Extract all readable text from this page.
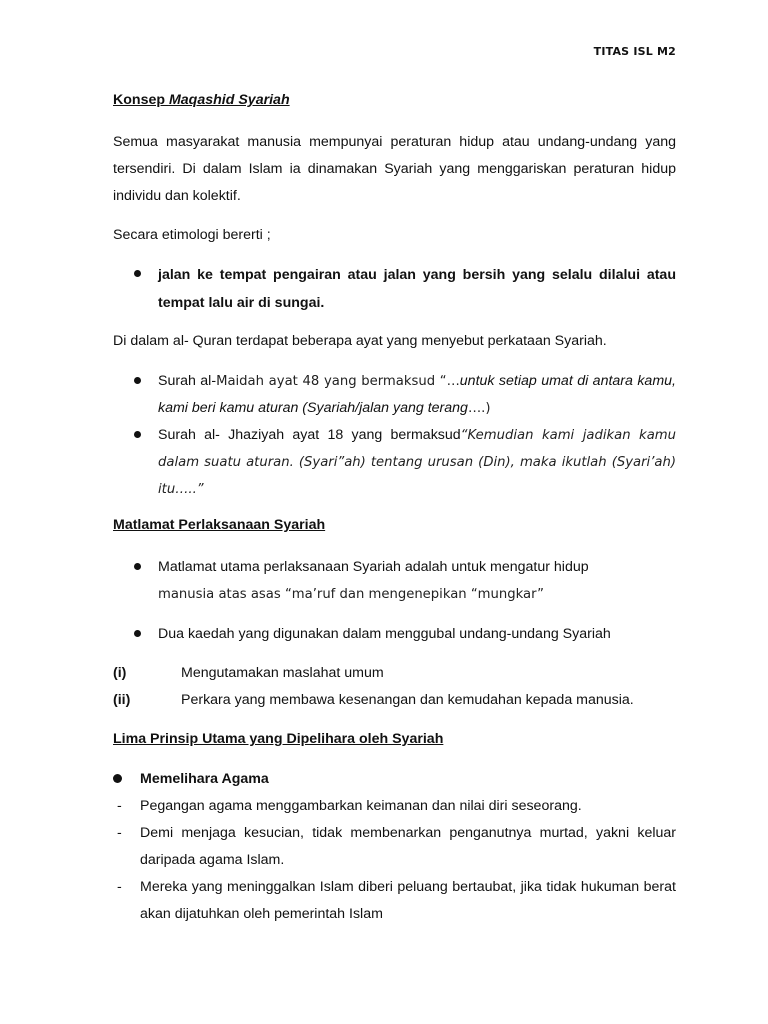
TITAS ISL M2
Konsep Maqashid Syariah
Semua masyarakat manusia mempunyai peraturan hidup atau undang-undang yang tersendiri. Di dalam Islam ia dinamakan Syariah yang menggariskan peraturan hidup individu dan kolektif.
Secara etimologi bererti ;
jalan ke tempat pengairan atau jalan yang bersih yang selalu dilalui atau tempat lalu air di sungai.
Di dalam al- Quran terdapat beberapa ayat yang menyebut perkataan Syariah.
Surah al-Maidah ayat 48 yang bermaksud “…untuk setiap umat di antara kamu, kami beri kamu aturan (Syariah/jalan yang terang….)
Surah al- Jhaziyah ayat 18 yang bermaksud“Kemudian kami jadikan kamu dalam suatu aturan. (Syari”ah) tentang urusan (Din), maka ikutlah (Syari’ah) itu…..”
Matlamat Perlaksanaan Syariah
Matlamat utama perlaksanaan Syariah adalah untuk mengatur hidup
manusia atas asas “ma’ruf dan mengenepikan “mungkar”
Dua kaedah yang digunakan dalam menggubal undang-undang Syariah
(i)	Mengutamakan maslahat umum
(ii)	Perkara yang membawa kesenangan dan kemudahan kepada manusia.
Lima Prinsip Utama yang Dipelihara oleh Syariah
Memelihara Agama
- Pegangan agama menggambarkan keimanan dan nilai diri seseorang.
- Demi menjaga kesucian, tidak membenarkan penganutnya murtad, yakni keluar daripada agama Islam.
- Mereka yang meninggalkan Islam diberi peluang bertaubat, jika tidak hukuman berat akan dijatuhkan oleh pemerintah Islam
